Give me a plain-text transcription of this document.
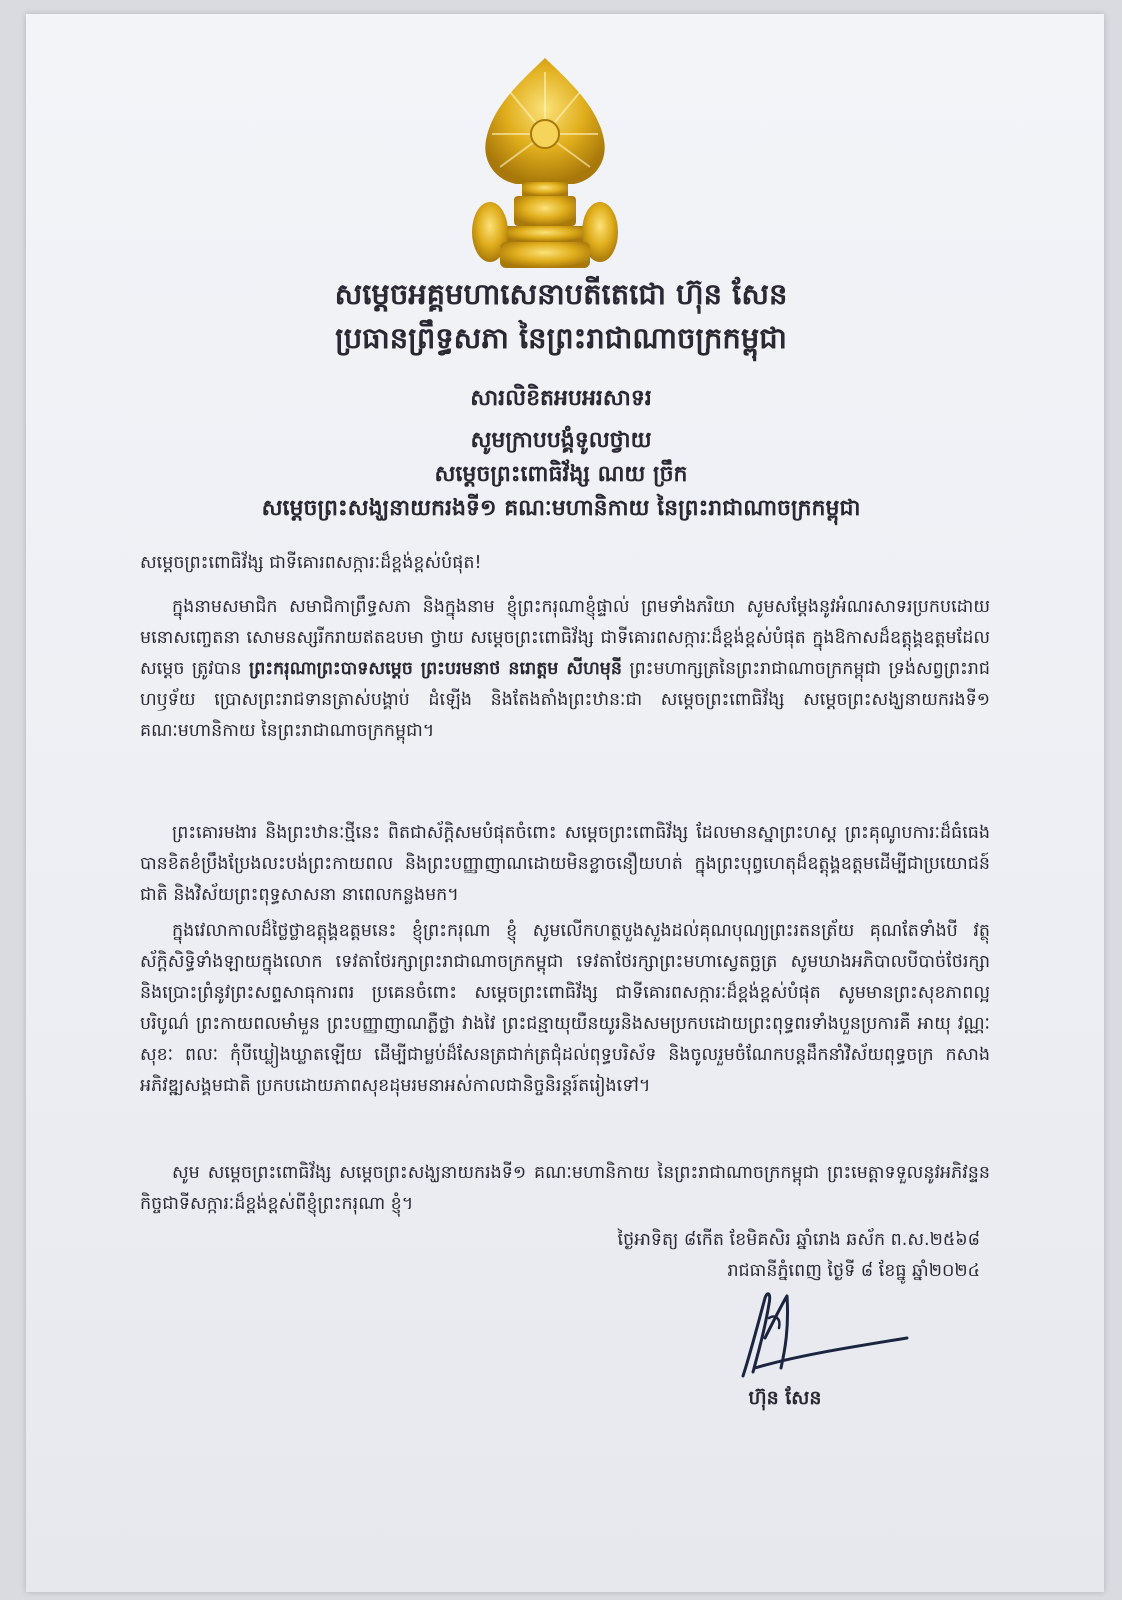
សម្តេចអគ្គមហាសេនាបតីតេជោ ហ៊ុន សែន
ប្រធានព្រឹទ្ធសភា នៃព្រះរាជាណាចក្រកម្ពុជា
សារលិខិតអបអរសាទរ
សូមក្រាបបង្គំទូលថ្វាយ
សម្តេចព្រះពោធិវ័ង្ស ណយ ច្រឹក
សម្តេចព្រះសង្ឃនាយករងទី១ គណៈមហានិកាយ នៃព្រះរាជាណាចក្រកម្ពុជា
សម្តេចព្រះពោធិវ័ង្ស ជាទីគោរពសក្ការៈដ៏ខ្ពង់ខ្ពស់បំផុត!
ក្នុងនាមសមាជិក សមាជិកាព្រឹទ្ធសភា និងក្នុងនាម ខ្ញុំព្រះករុណាខ្ញុំផ្ទាល់ ព្រមទាំងភរិយា សូមសម្តែងនូវអំណរសាទរប្រកបដោយមនោសញ្ចេតនា សោមនស្សរីករាយឥតឧបមា ថ្វាយ សម្តេចព្រះពោធិវ័ង្ស ជាទីគោរពសក្ការៈដ៏ខ្ពង់ខ្ពស់បំផុត ក្នុងឱកាសដ៏ឧត្តុង្គឧត្តមដែល សម្តេច ត្រូវបាន ព្រះករុណាព្រះបាទសម្តេច ព្រះបរមនាថ នរោត្តម សីហមុនី ព្រះមហាក្សត្រនៃព្រះរាជាណាចក្រកម្ពុជា ទ្រង់សព្វព្រះរាជហឫទ័យ ប្រោសព្រះរាជទានត្រាស់បង្គាប់ ដំឡើង និងតែងតាំងព្រះឋានៈជា សម្តេចព្រះពោធិវ័ង្ស សម្តេចព្រះសង្ឃនាយករងទី១ គណៈមហានិកាយ នៃព្រះរាជាណាចក្រកម្ពុជា។
ព្រះគោរមងារ និងព្រះឋានៈថ្មីនេះ ពិតជាស័ក្តិសមបំផុតចំពោះ សម្តេចព្រះពោធិវ័ង្ស ដែលមានស្នាព្រះហស្ត ព្រះគុណូបការៈដ៏ធំធេង បានខិតខំប្រឹងប្រែងលះបង់ព្រះកាយពល និងព្រះបញ្ញាញាណដោយមិនខ្លាចនឿយហត់ ក្នុងព្រះបុព្វហេតុដ៏ឧត្តុង្គឧត្តមដើម្បីជាប្រយោជន៍ជាតិ និងវិស័យព្រះពុទ្ធសាសនា នាពេលកន្លងមក។
ក្នុងវេលាកាលដ៏ថ្លៃថ្លាឧត្តុង្គឧត្តមនេះ ខ្ញុំព្រះករុណា ខ្ញុំ សូមលើកហត្ថបួងសួងដល់គុណបុណ្យព្រះរតនត្រ័យ គុណតែទាំងបី វត្ថុស័ក្តិសិទ្ធិទាំងឡាយក្នុងលោក ទេវតាថែរក្សាព្រះរាជាណាចក្រកម្ពុជា ទេវតាថែរក្សាព្រះមហាស្វេតច្ឆត្រ សូមឃាងអភិបាលបីបាច់ថែរក្សា និងប្រោះព្រំនូវព្រះសព្ទសាធុការពរ ប្រគេនចំពោះ សម្តេចព្រះពោធិវ័ង្ស ជាទីគោរពសក្ការៈដ៏ខ្ពង់ខ្ពស់បំផុត សូមមានព្រះសុខភាពល្អបរិបូណ៌ ព្រះកាយពលមាំមួន ព្រះបញ្ញាញាណភ្លឺថ្លា វាងវៃ ព្រះជន្មាយុយឺនយូរនិងសមប្រកបដោយព្រះពុទ្ធពរទាំងបួនប្រការគឺ អាយុ វណ្ណៈ សុខៈ ពលៈ កុំបីឃ្លៀងឃ្លាតឡើយ ដើម្បីជាម្លប់ដ៏សែនត្រជាក់ត្រជុំដល់ពុទ្ធបរិស័ទ និងចូលរួមចំណែកបន្តដឹកនាំវិស័យពុទ្ធចក្រ កសាងអភិវឌ្ឍសង្គមជាតិ ប្រកបដោយភាពសុខដុមរមនាអស់កាលជានិច្ចនិរន្តរ៍តរៀងទៅ។
សូម សម្តេចព្រះពោធិវ័ង្ស សម្តេចព្រះសង្ឃនាយករងទី១ គណៈមហានិកាយ នៃព្រះរាជាណាចក្រកម្ពុជា ព្រះមេត្តាទទួលនូវអភិវន្ទនកិច្ចជាទីសក្ការៈដ៏ខ្ពង់ខ្ពស់ពីខ្ញុំព្រះករុណា ខ្ញុំ។
ថ្ងៃអាទិត្យ ៨កើត ខែមិគសិរ ឆ្នាំរោង ឆស័ក ព.ស.២៥៦៨
រាជធានីភ្នំពេញ ថ្ងៃទី ៨ ខែធ្នូ ឆ្នាំ២០២៤
ហ៊ុន សែន
